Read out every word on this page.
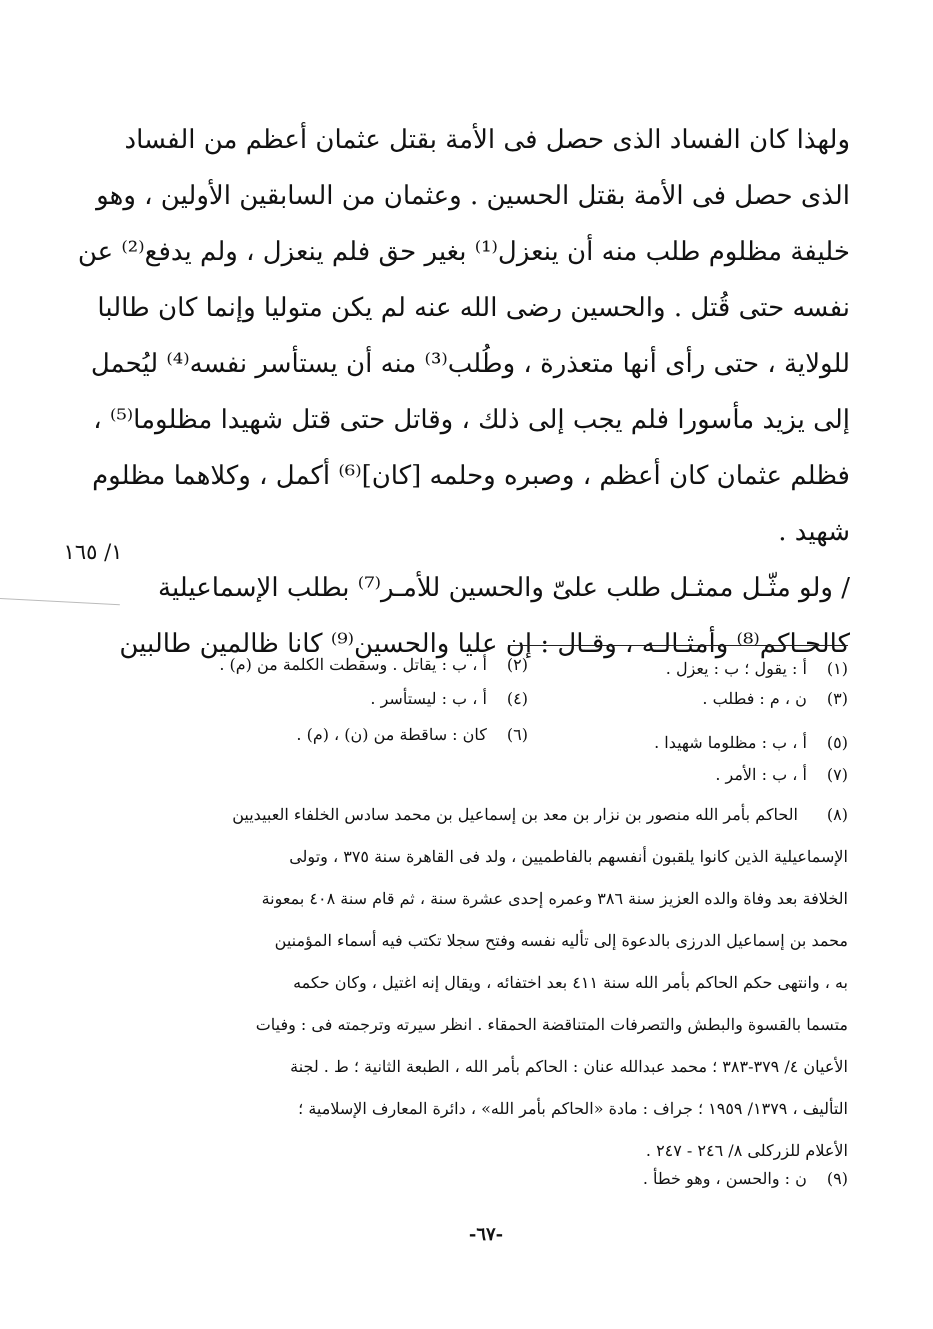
ولهذا كان الفساد الذى حصل فى الأمة بقتل عثمان أعظم من الفساد
الذى حصل فى الأمة بقتل الحسين . وعثمان من السابقين الأولين ، وهو
خليفة مظلوم طلب منه أن ينعزل⁽¹⁾ بغير حق فلم ينعزل ، ولم يدفع⁽²⁾ عن
نفسه حتى قُتل . والحسين رضى الله عنه لم يكن متوليا وإنما كان طالبا
للولاية ، حتى رأى أنها متعذرة ، وطُلب⁽³⁾ منه أن يستأسر نفسه⁽⁴⁾ ليُحمل
إلى يزيد مأسورا فلم يجب إلى ذلك ، وقاتل حتى قتل شهيدا مظلوما⁽⁵⁾ ،
فظلم عثمان كان أعظم ، وصبره وحلمه [كان]⁽⁶⁾ أكمل ، وكلاهما مظلوم
شهيد .
/ ولو مثّـل ممثـل طلب علىّ والحسين للأمـر⁽⁷⁾ بطلب الإسماعيلية
كالحـاكم⁽⁸⁾ وأمثـالـه ، وقـال : إن عليا والحسين⁽⁹⁾ كانا ظالمين طالبين
١/ ١٦٥
(١) أ : يقول ؛ ب : يعزل .
(٣) ن ، م : فطلب .
(٥) أ ، ب : مظلوما شهيدا .
(٧) أ ، ب : الأمر .
(٢) أ ، ب : يقاتل . وسقطت الكلمة من (م) .
(٤) أ ، ب : ليستأسر .
(٦) كان : ساقطة من (ن) ، (م) .
(٨)
الحاكم بأمر الله منصور بن نزار بن معد بن إسماعيل بن محمد سادس الخلفاء العبيديين
الإسماعيلية الذين كانوا يلقبون أنفسهم بالفاطميين ، ولد فى القاهرة سنة ٣٧٥ ، وتولى
الخلافة بعد وفاة والده العزيز سنة ٣٨٦ وعمره إحدى عشرة سنة ، ثم قام سنة ٤٠٨ بمعونة
محمد بن إسماعيل الدرزى بالدعوة إلى تأليه نفسه وفتح سجلا تكتب فيه أسماء المؤمنين
به ، وانتهى حكم الحاكم بأمر الله سنة ٤١١ بعد اختفائه ، ويقال إنه اغتيل ، وكان حكمه
متسما بالقسوة والبطش والتصرفات المتناقضة الحمقاء . انظر سيرته وترجمته فى : وفيات
الأعيان ٤/ ٣٧٩-٣٨٣ ؛ محمد عبدالله عنان : الحاكم بأمر الله ، الطبعة الثانية ؛ ط . لجنة
التأليف ، ١٣٧٩/ ١٩٥٩ ؛ جراف : مادة «الحاكم بأمر الله» ، دائرة المعارف الإسلامية ؛
الأعلام للزركلى ٨/ ٢٤٦ - ٢٤٧ .
(٩) ن : والحسن ، وهو خطأ .
-٦٧-
